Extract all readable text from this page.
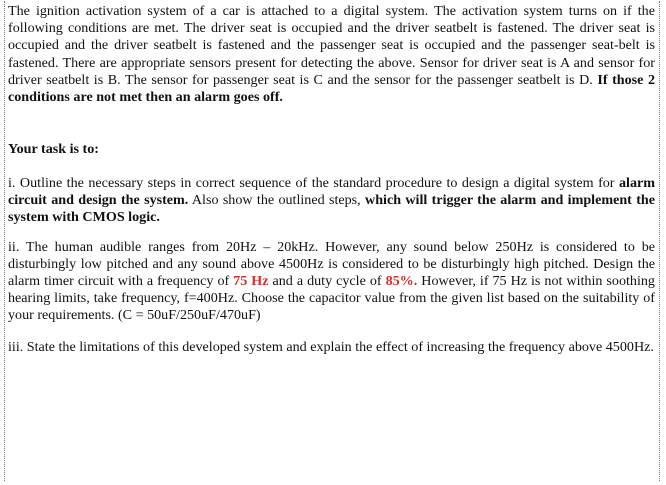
The ignition activation system of a car is attached to a digital system. The activation system turns on if the following conditions are met. The driver seat is occupied and the driver seatbelt is fastened. The driver seat is occupied and the driver seatbelt is fastened and the passenger seat is occupied and the passenger seat-belt is fastened. There are appropriate sensors present for detecting the above. Sensor for driver seat is A and sensor for driver seatbelt is B. The sensor for passenger seat is C and the sensor for the passenger seatbelt is D. If those 2 conditions are not met then an alarm goes off.

Your task is to:

i. Outline the necessary steps in correct sequence of the standard procedure to design a digital system for alarm circuit and design the system. Also show the outlined steps, which will trigger the alarm and implement the system with CMOS logic.

ii. The human audible ranges from 20Hz – 20kHz. However, any sound below 250Hz is considered to be disturbingly low pitched and any sound above 4500Hz is considered to be disturbingly high pitched. Design the alarm timer circuit with a frequency of 75 Hz and a duty cycle of 85%. However, if 75 Hz is not within soothing hearing limits, take frequency, f=400Hz. Choose the capacitor value from the given list based on the suitability of your requirements. (C = 50uF/250uF/470uF)

iii. State the limitations of this developed system and explain the effect of increasing the frequency above 4500Hz.
